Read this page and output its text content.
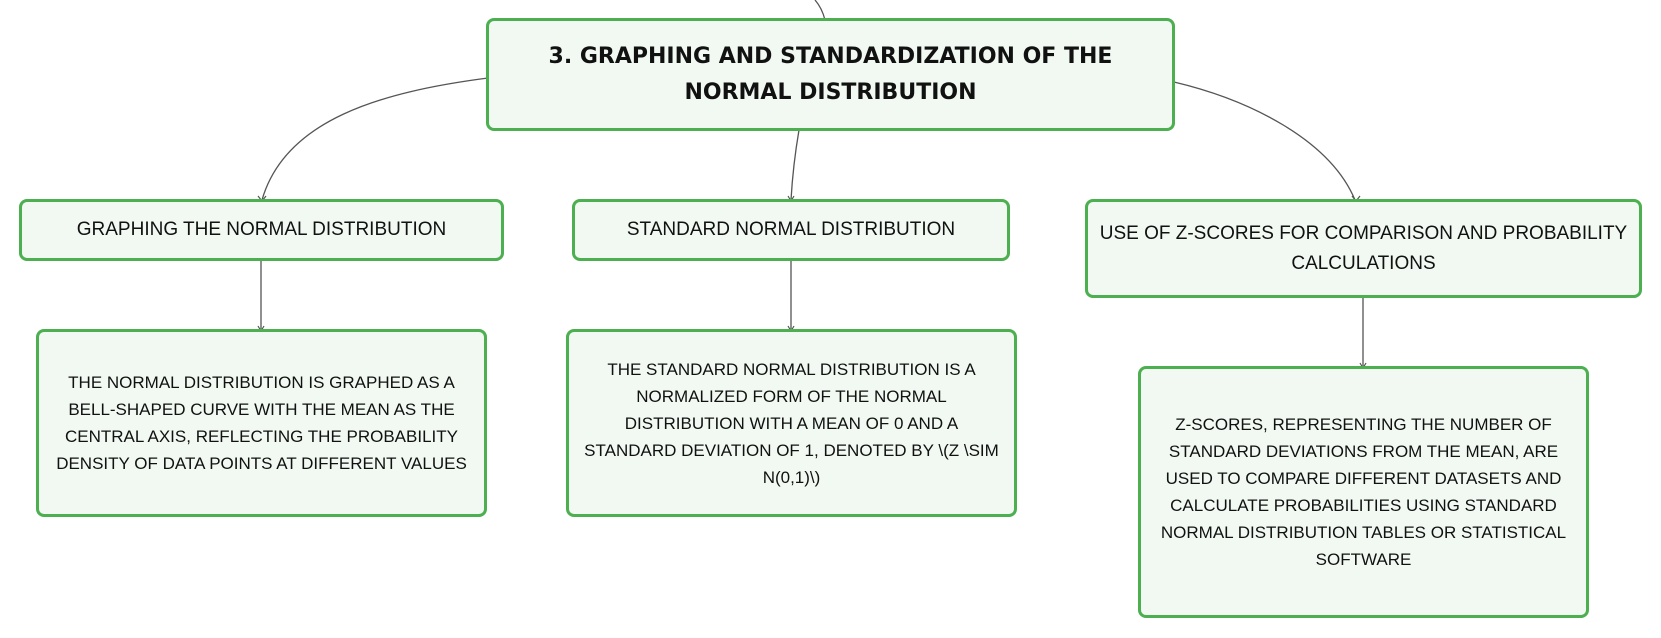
3. GRAPHING AND STANDARDIZATION OF THE NORMAL DISTRIBUTION
GRAPHING THE NORMAL DISTRIBUTION	STANDARD NORMAL DISTRIBUTION	USE OF Z-SCORES FOR COMPARISON AND PROBABILITY CALCULATIONS
THE NORMAL DISTRIBUTION IS GRAPHED AS A BELL-SHAPED CURVE WITH THE MEAN AS THE CENTRAL AXIS, REFLECTING THE PROBABILITY DENSITY OF DATA POINTS AT DIFFERENT VALUES
THE STANDARD NORMAL DISTRIBUTION IS A NORMALIZED FORM OF THE NORMAL DISTRIBUTION WITH A MEAN OF 0 AND A STANDARD DEVIATION OF 1, DENOTED BY \(Z \SIM N(0,1)\)
Z-SCORES, REPRESENTING THE NUMBER OF STANDARD DEVIATIONS FROM THE MEAN, ARE USED TO COMPARE DIFFERENT DATASETS AND CALCULATE PROBABILITIES USING STANDARD NORMAL DISTRIBUTION TABLES OR STATISTICAL SOFTWARE
